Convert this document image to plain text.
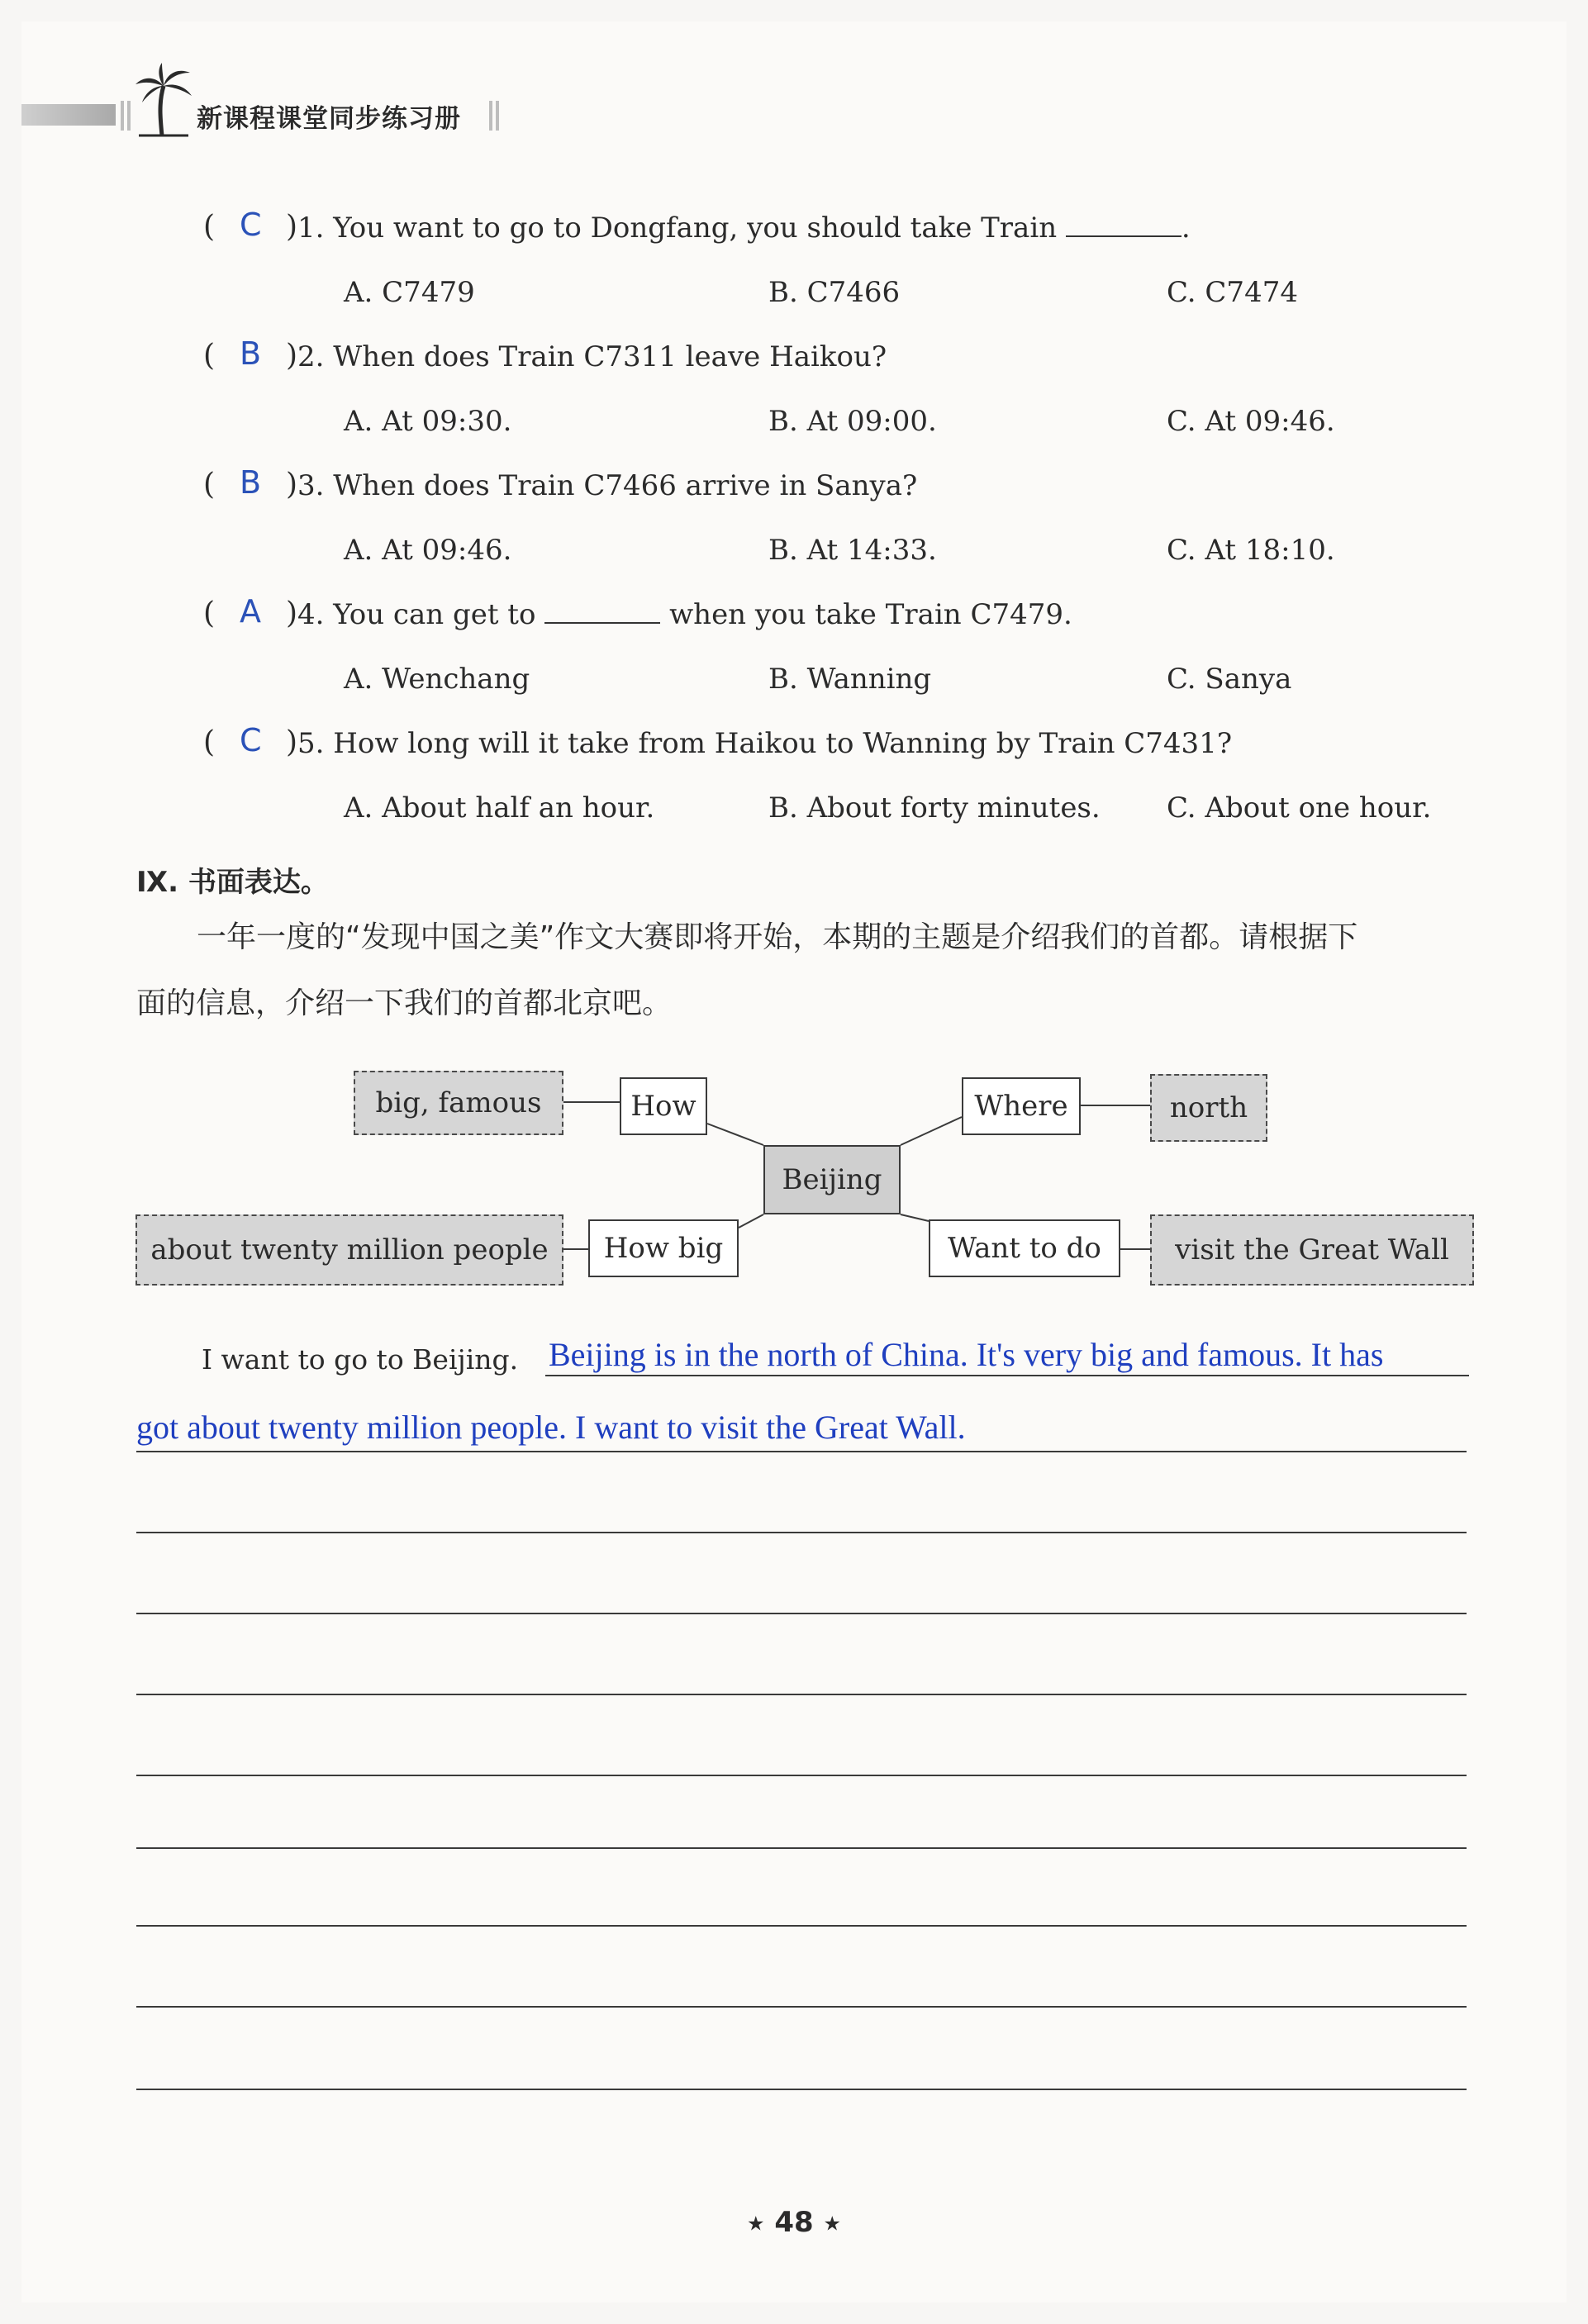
新课程课堂同步练习册
( C ) 1. You want to go to Dongfang, you should take Train	.
A. C7479	B. C7466	C. C7474
( B ) 2. When does Train C7311 leave Haikou?
A. At 09:30.	B. At 09:00.	C. At 09:46.
( B ) 3. When does Train C7466 arrive in Sanya?
A. At 09:46.	B. At 14:33.	C. At 18:10.
( A ) 4. You can get to	when you take Train C7479.
A. Wenchang	B. Wanning	C. Sanya
( C ) 5. How long will it take from Haikou to Wanning by Train C7431?
A. About half an hour.	B. About forty minutes. C. About one hour.
Ⅸ. 书面表达。
一年一度的“发现中国之美”作文大赛即将开始，本期的主题是介绍我们的首都。请根据下
面的信息，介绍一下我们的首都北京吧。
big, famous	How
Beijing
Where	north
about twenty million people	How big	Want to do	visit the Great Wall
I want to go to Beijing. Beijing is in the north of China. It's very big and famous. It has
got about twenty million people. I want to visit the Great Wall.
★ 48 ★
